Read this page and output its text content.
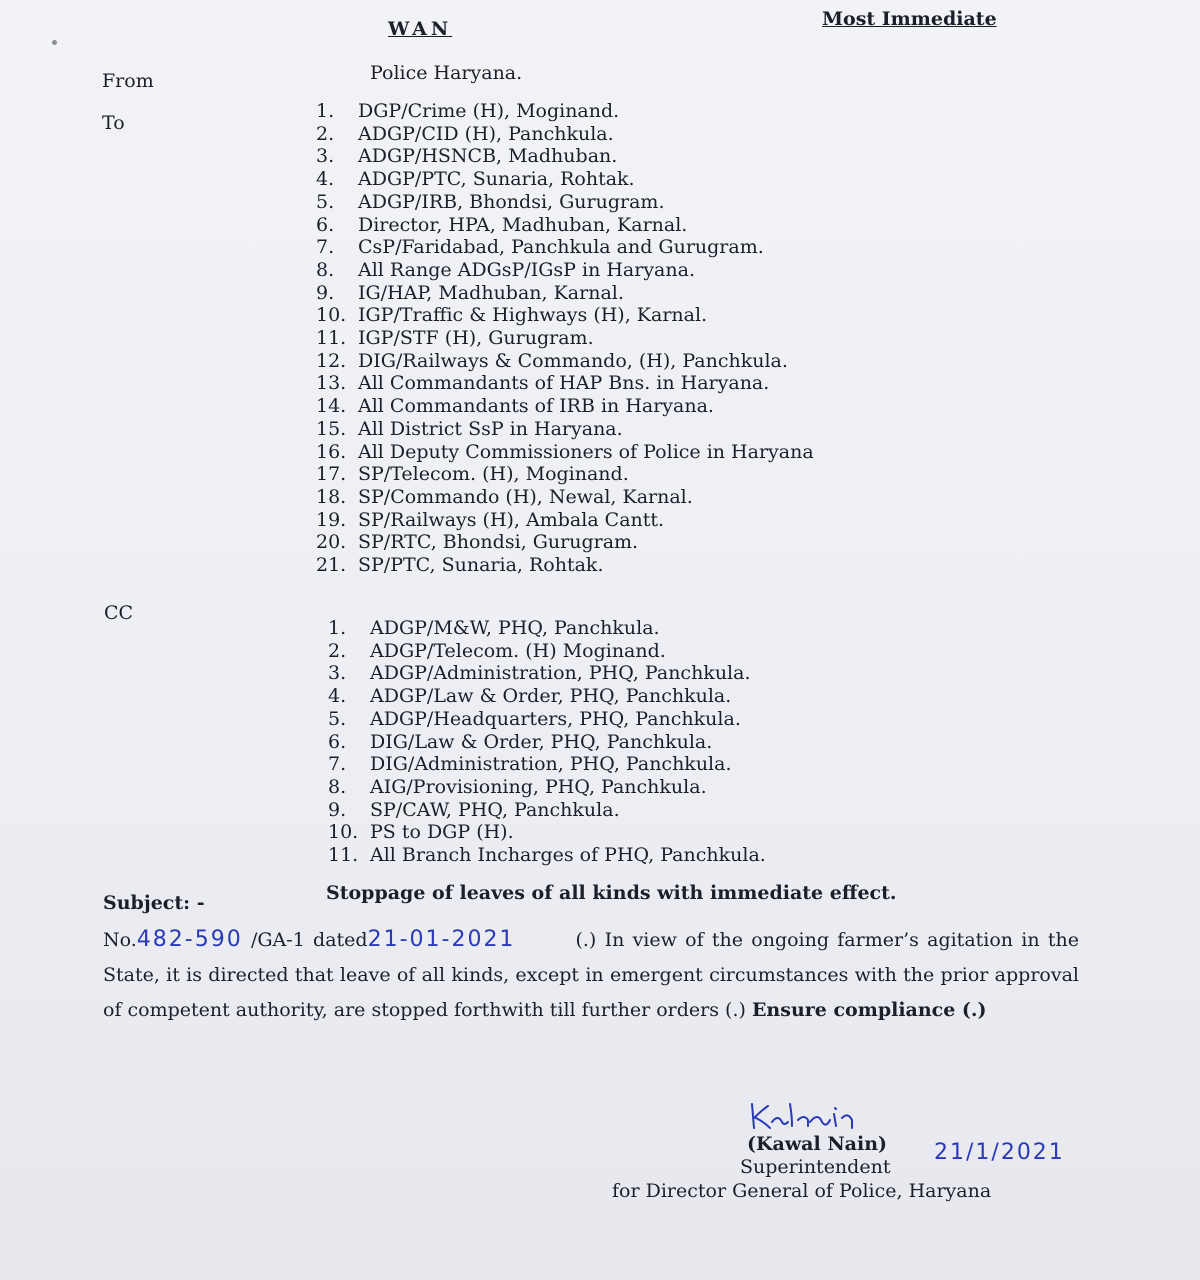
WAN	Most Immediate
From	Police Haryana.
To
1. DGP/Crime (H), Moginand.
2. ADGP/CID (H), Panchkula.
3. ADGP/HSNCB, Madhuban.
4. ADGP/PTC, Sunaria, Rohtak.
5. ADGP/IRB, Bhondsi, Gurugram.
6. Director, HPA, Madhuban, Karnal.
7. CsP/Faridabad, Panchkula and Gurugram.
8. All Range ADGsP/IGsP in Haryana.
9. IG/HAP, Madhuban, Karnal.
10. IGP/Traffic & Highways (H), Karnal.
11. IGP/STF (H), Gurugram.
12. DIG/Railways & Commando, (H), Panchkula.
13. All Commandants of HAP Bns. in Haryana.
14. All Commandants of IRB in Haryana.
15. All District SsP in Haryana.
16. All Deputy Commissioners of Police in Haryana
17. SP/Telecom. (H), Moginand.
18. SP/Commando (H), Newal, Karnal.
19. SP/Railways (H), Ambala Cantt.
20. SP/RTC, Bhondsi, Gurugram.
21. SP/PTC, Sunaria, Rohtak.
CC
1. ADGP/M&W, PHQ, Panchkula.
2. ADGP/Telecom. (H) Moginand.
3. ADGP/Administration, PHQ, Panchkula.
4. ADGP/Law & Order, PHQ, Panchkula.
5. ADGP/Headquarters, PHQ, Panchkula.
6. DIG/Law & Order, PHQ, Panchkula.
7. DIG/Administration, PHQ, Panchkula.
8. AIG/Provisioning, PHQ, Panchkula.
9. SP/CAW, PHQ, Panchkula.
10. PS to DGP (H).
11. All Branch Incharges of PHQ, Panchkula.
Subject: -	Stoppage of leaves of all kinds with immediate effect.
No.482-590 /GA-1 dated21-01-2021	(.) In view of the ongoing farmer’s agitation in the State, it is directed that leave of all kinds, except in emergent circumstances with the prior approval of competent authority, are stopped forthwith till further orders (.) Ensure compliance (.)
(Kawal Nain) 21/1/2021
Superintendent
for Director General of Police, Haryana
